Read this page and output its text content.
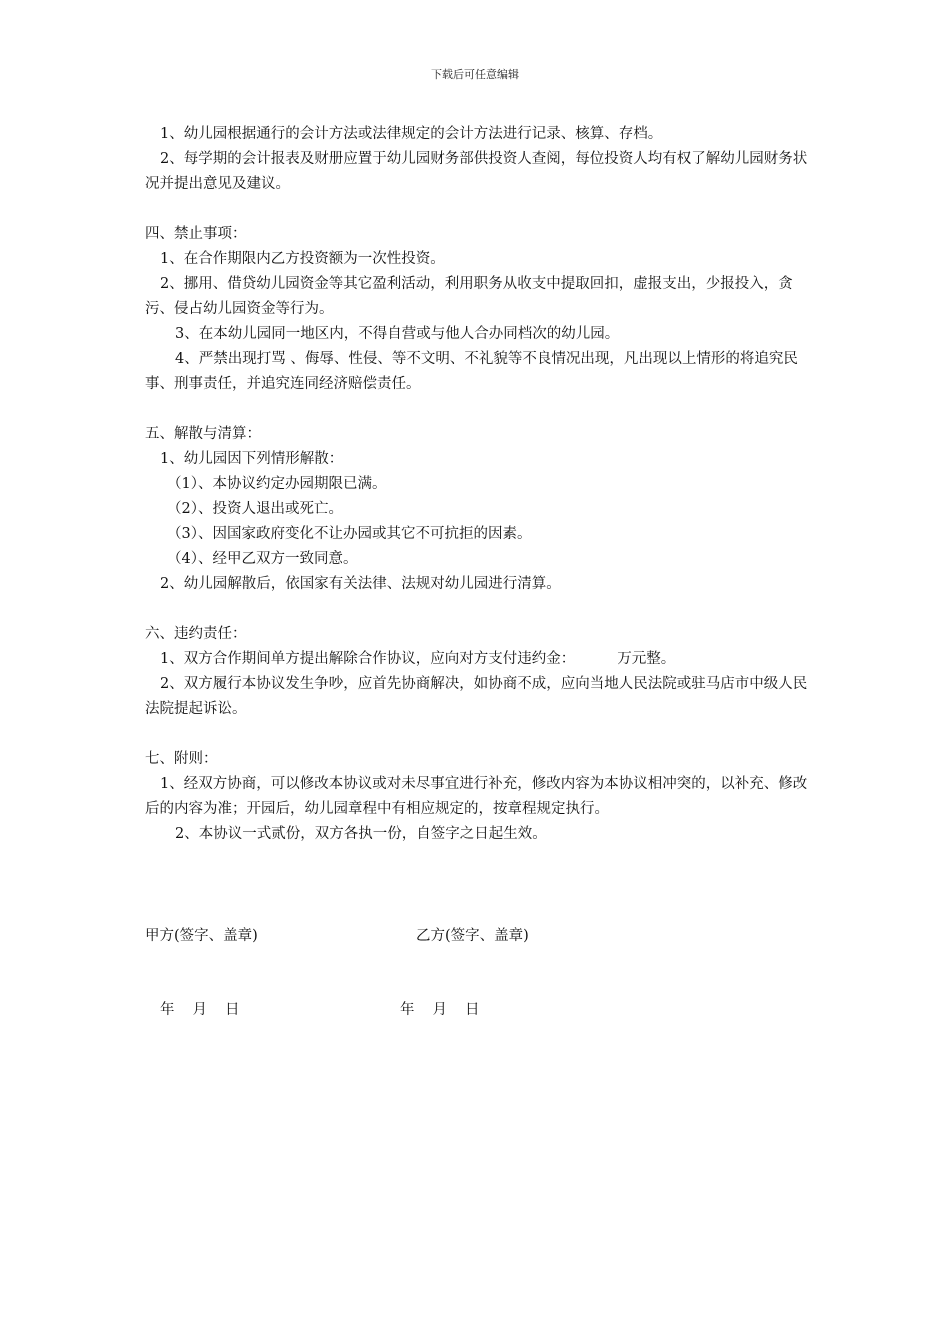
下载后可任意编辑

1、幼儿园根据通行的会计方法或法律规定的会计方法进行记录、核算、存档。

2、每学期的会计报表及财册应置于幼儿园财务部供投资人查阅，每位投资人均有权了解幼儿园财务状况并提出意见及建议。

四、禁止事项：

1、在合作期限内乙方投资额为一次性投资。

2、挪用、借贷幼儿园资金等其它盈利活动，利用职务从收支中提取回扣，虚报支出，少报投入，贪污、侵占幼儿园资金等行为。

3、在本幼儿园同一地区内，不得自营或与他人合办同档次的幼儿园。

4、严禁出现打骂 、侮辱、性侵、等不文明、不礼貌等不良情况出现，凡出现以上情形的将追究民事、刑事责任，并追究连同经济赔偿责任。

五、解散与清算：

1、幼儿园因下列情形解散：

（1）、本协议约定办园期限已满。

（2）、投资人退出或死亡。

（3）、因国家政府变化不让办园或其它不可抗拒的因素。

（4）、经甲乙双方一致同意。

2、幼儿园解散后，依国家有关法律、法规对幼儿园进行清算。

六、违约责任：

1、双方合作期间单方提出解除合作协议，应向对方支付违约金：	万元整。

2、双方履行本协议发生争吵，应首先协商解决，如协商不成，应向当地人民法院或驻马店市中级人民法院提起诉讼。

七、附则：

1、经双方协商，可以修改本协议或对未尽事宜进行补充，修改内容为本协议相冲突的，以补充、修改后的内容为准；开园后，幼儿园章程中有相应规定的，按章程规定执行。

2、本协议一式贰份，双方各执一份，自签字之日起生效。

甲方(签字、盖章)	乙方(签字、盖章)
年 月 日	年 月 日
